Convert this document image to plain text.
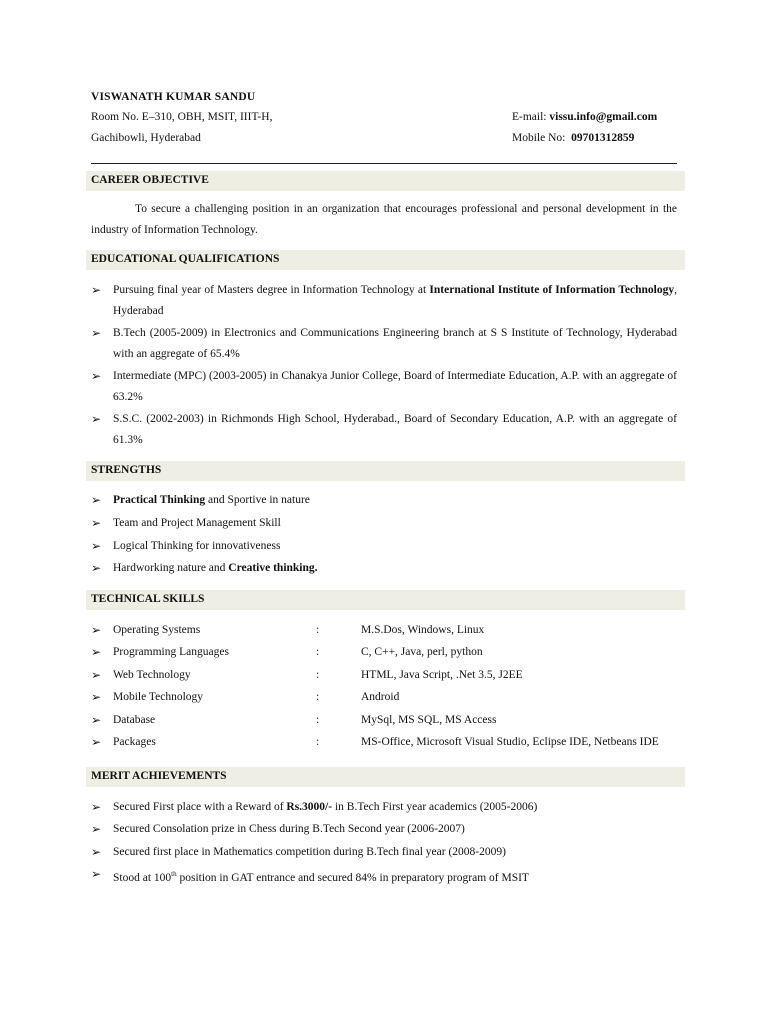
VISWANATH KUMAR SANDU
Room No. E–310, OBH, MSIT, IIIT-H,
Gachibowli, Hyderabad
E-mail: vissu.info@gmail.com
Mobile No:  09701312859
CAREER OBJECTIVE
To secure a challenging position in an organization that encourages professional and personal development in the industry of Information Technology.
EDUCATIONAL QUALIFICATIONS
➢ Pursuing final year of Masters degree in Information Technology at International Institute of Information Technology, Hyderabad
➢ B.Tech (2005-2009) in Electronics and Communications Engineering branch at S S Institute of Technology, Hyderabad with an aggregate of 65.4%
➢ Intermediate (MPC) (2003-2005) in Chanakya Junior College, Board of Intermediate Education, A.P. with an aggregate of 63.2%
➢ S.S.C. (2002-2003) in Richmonds High School, Hyderabad., Board of Secondary Education, A.P. with an aggregate of 61.3%
STRENGTHS
➢ Practical Thinking and Sportive in nature
➢ Team and Project Management Skill
➢ Logical Thinking for innovativeness
➢ Hardworking nature and Creative thinking.
TECHNICAL SKILLS
➢ Operating Systems	:	M.S.Dos, Windows, Linux
➢ Programming Languages	:	C, C++, Java, perl, python
➢ Web Technology	:	HTML, Java Script, .Net 3.5, J2EE
➢ Mobile Technology	:	Android
➢ Database	:	MySql, MS SQL, MS Access
➢ Packages	:	MS-Office, Microsoft Visual Studio, Eclipse IDE, Netbeans IDE
MERIT ACHIEVEMENTS
➢ Secured First place with a Reward of Rs.3000/- in B.Tech First year academics (2005-2006)
➢ Secured Consolation prize in Chess during B.Tech Second year (2006-2007)
➢ Secured first place in Mathematics competition during B.Tech final year (2008-2009)
➢ Stood at 100th position in GAT entrance and secured 84% in preparatory program of MSIT
